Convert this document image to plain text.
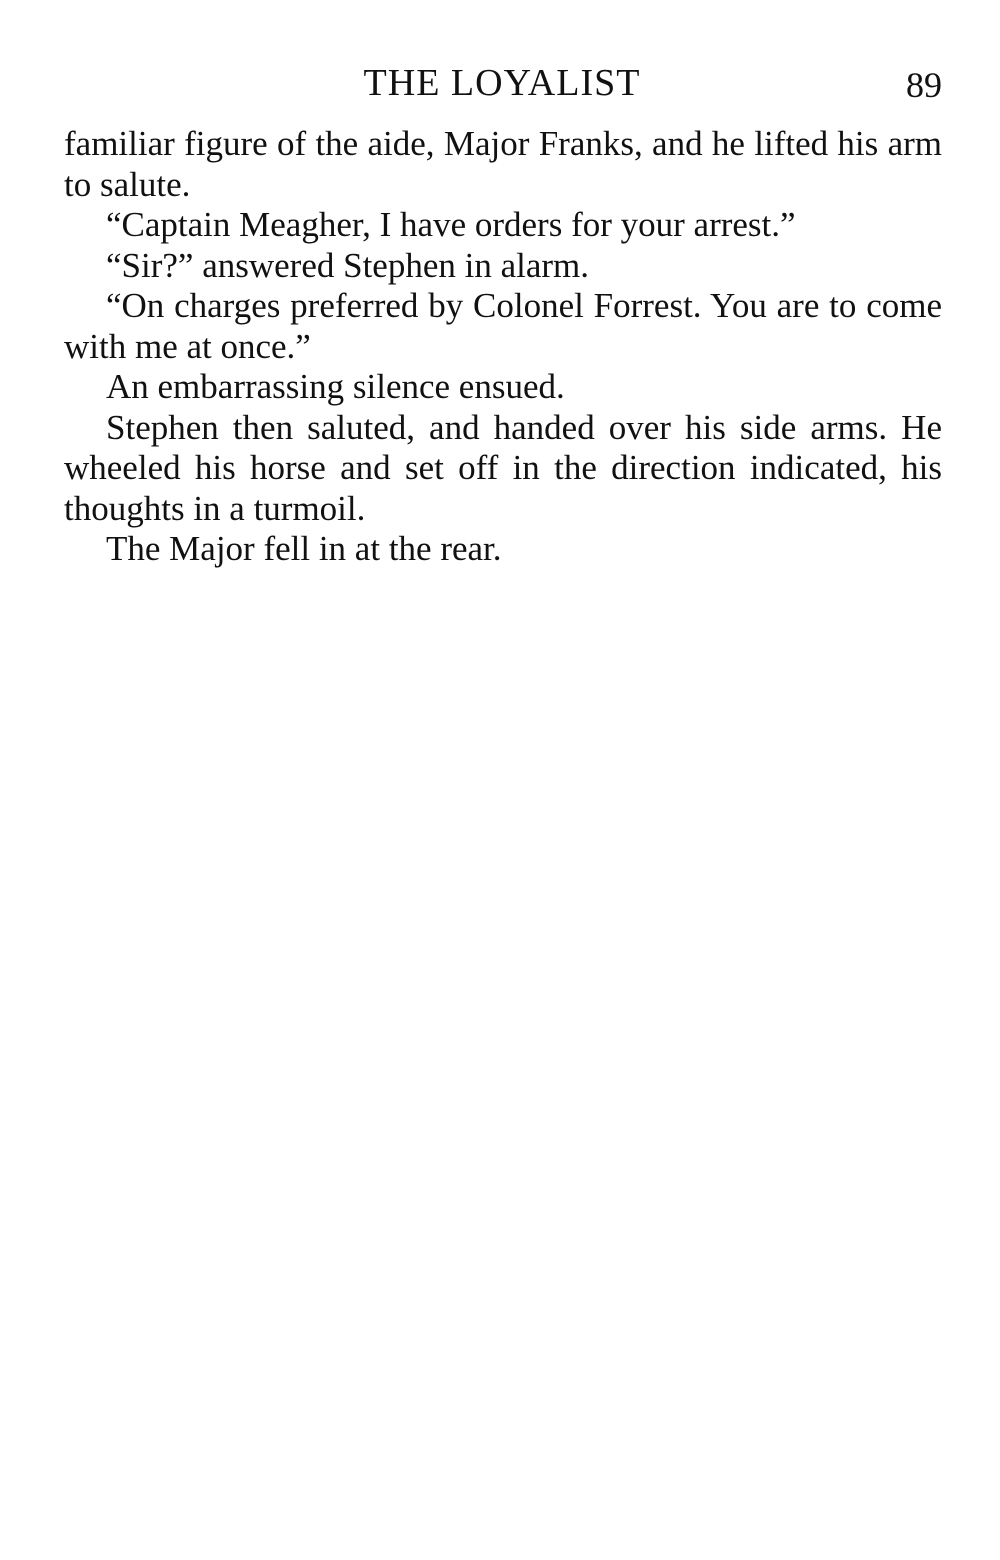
THE LOYALIST	89

familiar figure of the aide, Major Franks, and he lifted his arm to salute.

“Captain Meagher, I have orders for your arrest.”

“Sir?” answered Stephen in alarm.

“On charges preferred by Colonel Forrest. You are to come with me at once.”

An embarrassing silence ensued.

Stephen then saluted, and handed over his side arms. He wheeled his horse and set off in the direction indicated, his thoughts in a turmoil.

The Major fell in at the rear.
